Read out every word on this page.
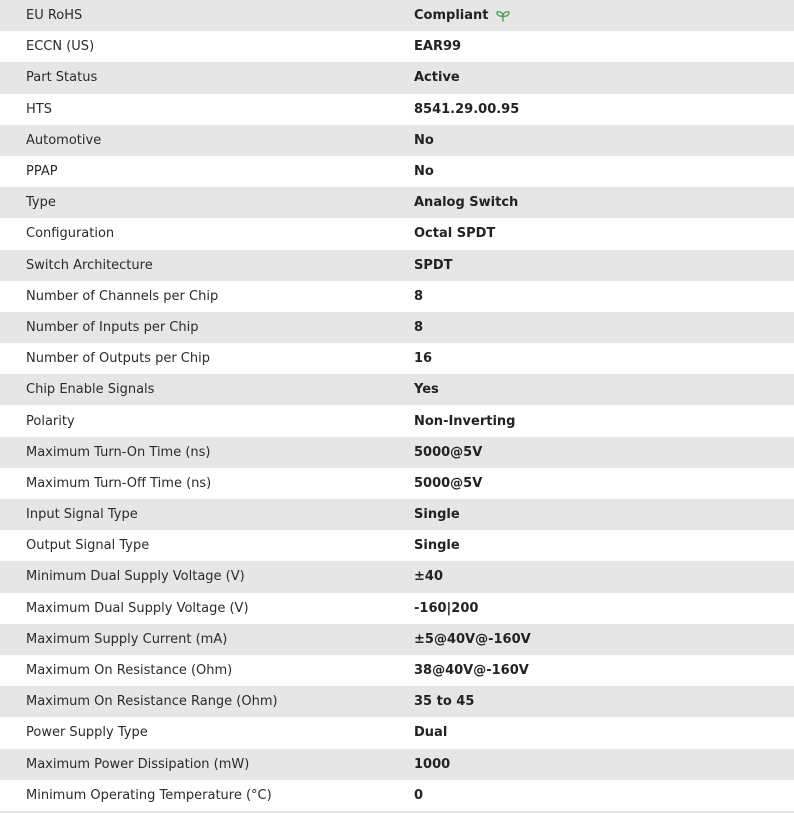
EU RoHS	Compliant
ECCN (US)	EAR99
Part Status	Active
HTS	8541.29.00.95
Automotive	No
PPAP	No
Type	Analog Switch
Configuration	Octal SPDT
Switch Architecture	SPDT
Number of Channels per Chip	8
Number of Inputs per Chip	8
Number of Outputs per Chip	16
Chip Enable Signals	Yes
Polarity	Non-Inverting
Maximum Turn-On Time (ns)	5000@5V
Maximum Turn-Off Time (ns)	5000@5V
Input Signal Type	Single
Output Signal Type	Single
Minimum Dual Supply Voltage (V)	±40
Maximum Dual Supply Voltage (V)	-160|200
Maximum Supply Current (mA)	±5@40V@-160V
Maximum On Resistance (Ohm)	38@40V@-160V
Maximum On Resistance Range (Ohm)	35 to 45
Power Supply Type	Dual
Maximum Power Dissipation (mW)	1000
Minimum Operating Temperature (°C)	0
